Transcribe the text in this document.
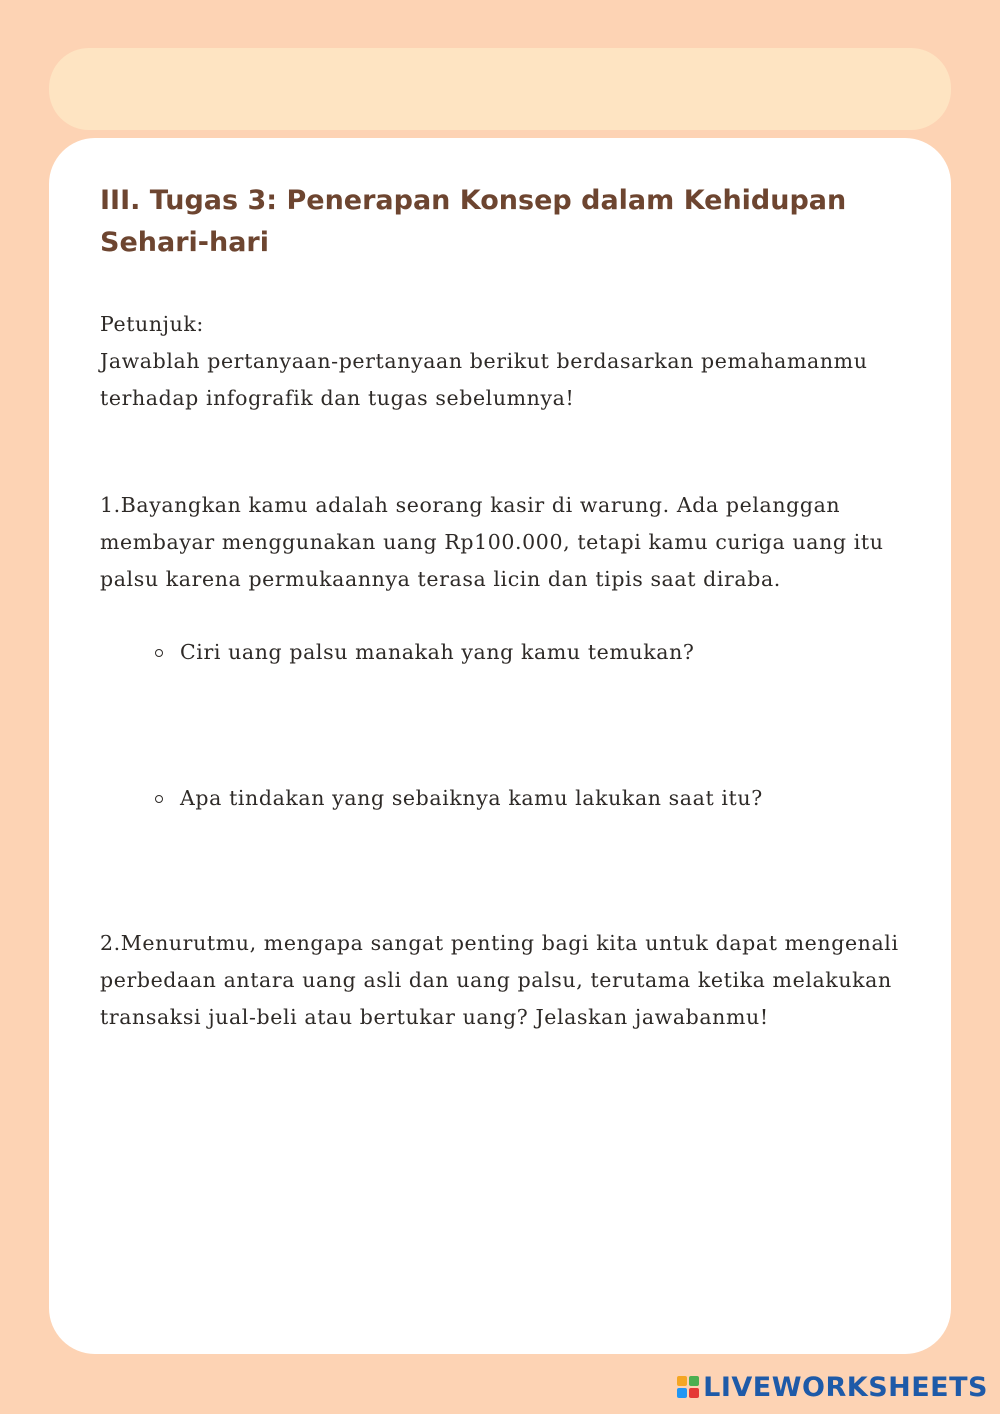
III. Tugas 3: Penerapan Konsep dalam Kehidupan Sehari-hari
Petunjuk:
Jawablah pertanyaan-pertanyaan berikut berdasarkan pemahamanmu terhadap infografik dan tugas sebelumnya!

1.Bayangkan kamu adalah seorang kasir di warung. Ada pelanggan membayar menggunakan uang Rp100.000, tetapi kamu curiga uang itu palsu karena permukaannya terasa licin dan tipis saat diraba.

Ciri uang palsu manakah yang kamu temukan?
Apa tindakan yang sebaiknya kamu lakukan saat itu?

2.Menurutmu, mengapa sangat penting bagi kita untuk dapat mengenali perbedaan antara uang asli dan uang palsu, terutama ketika melakukan transaksi jual-beli atau bertukar uang? Jelaskan jawabanmu!

LIVEWORKSHEETS
